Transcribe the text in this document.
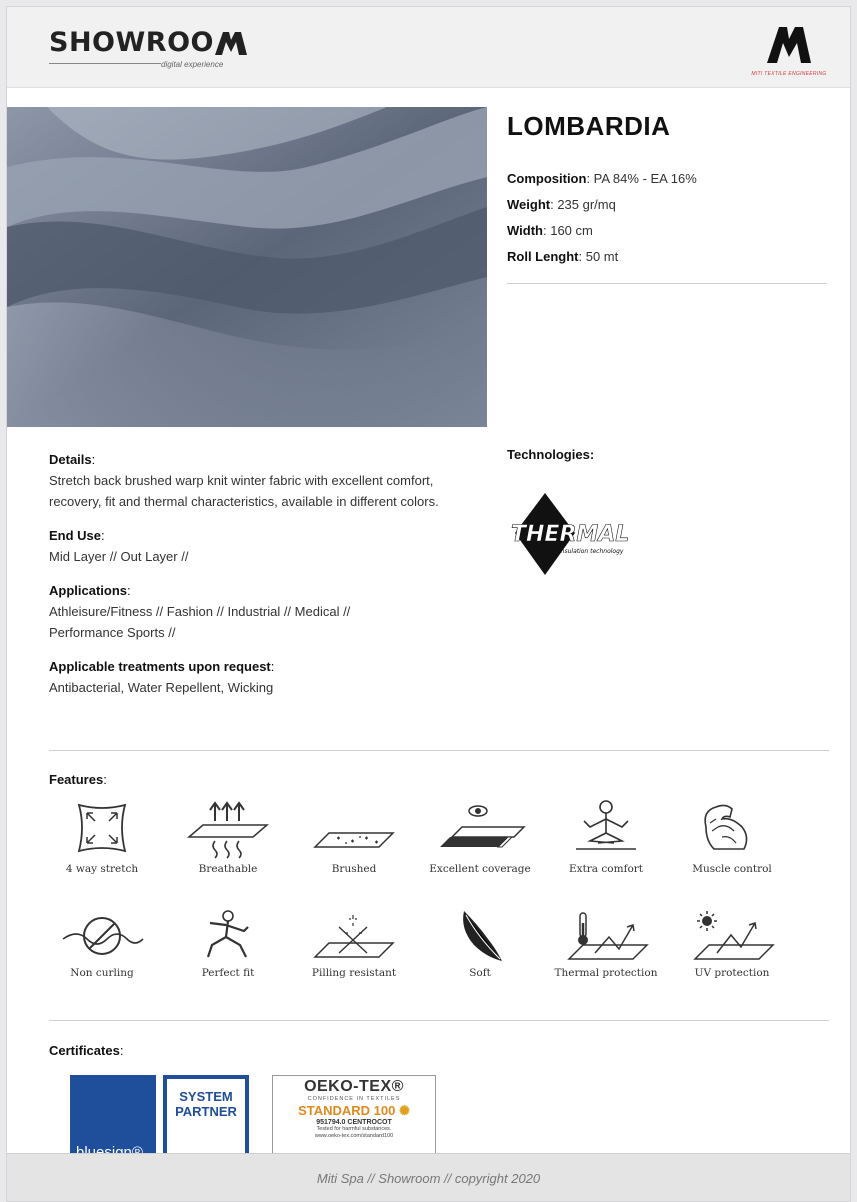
SHOWROO
digital experience
MITI TEXTILE ENGINEERING
LOMBARDIA
Composition: PA 84% - EA 16%
Weight: 235 gr/mq
Width: 160 cm
Roll Lenght: 50 mt
Details:
Stretch back brushed warp knit winter fabric with excellent comfort, recovery, fit and thermal characteristics, available in different colors.
End Use:
Mid Layer // Out Layer //
Applications:
Athleisure/Fitness // Fashion // Industrial // Medical //
Performance Sports //
Applicable treatments upon request:
Antibacterial, Water Repellent, Wicking
Technologies:
THERMAL
insulation technology
Features:
4 way stretch	Breathable	Brushed	Excellent coverage	Extra comfort	Muscle control
Non curling	Perfect fit	Pilling resistant	Soft	Thermal protection	UV protection
Certificates:
SYSTEM
PARTNER
OEKO-TEX®
CONFIDENCE IN TEXTILES
STANDARD 100 ✺
951794.0 CENTROCOT
Tested for harmful substances.
www.oeko-tex.com/standard100
Miti Spa // Showroom // copyright 2020
